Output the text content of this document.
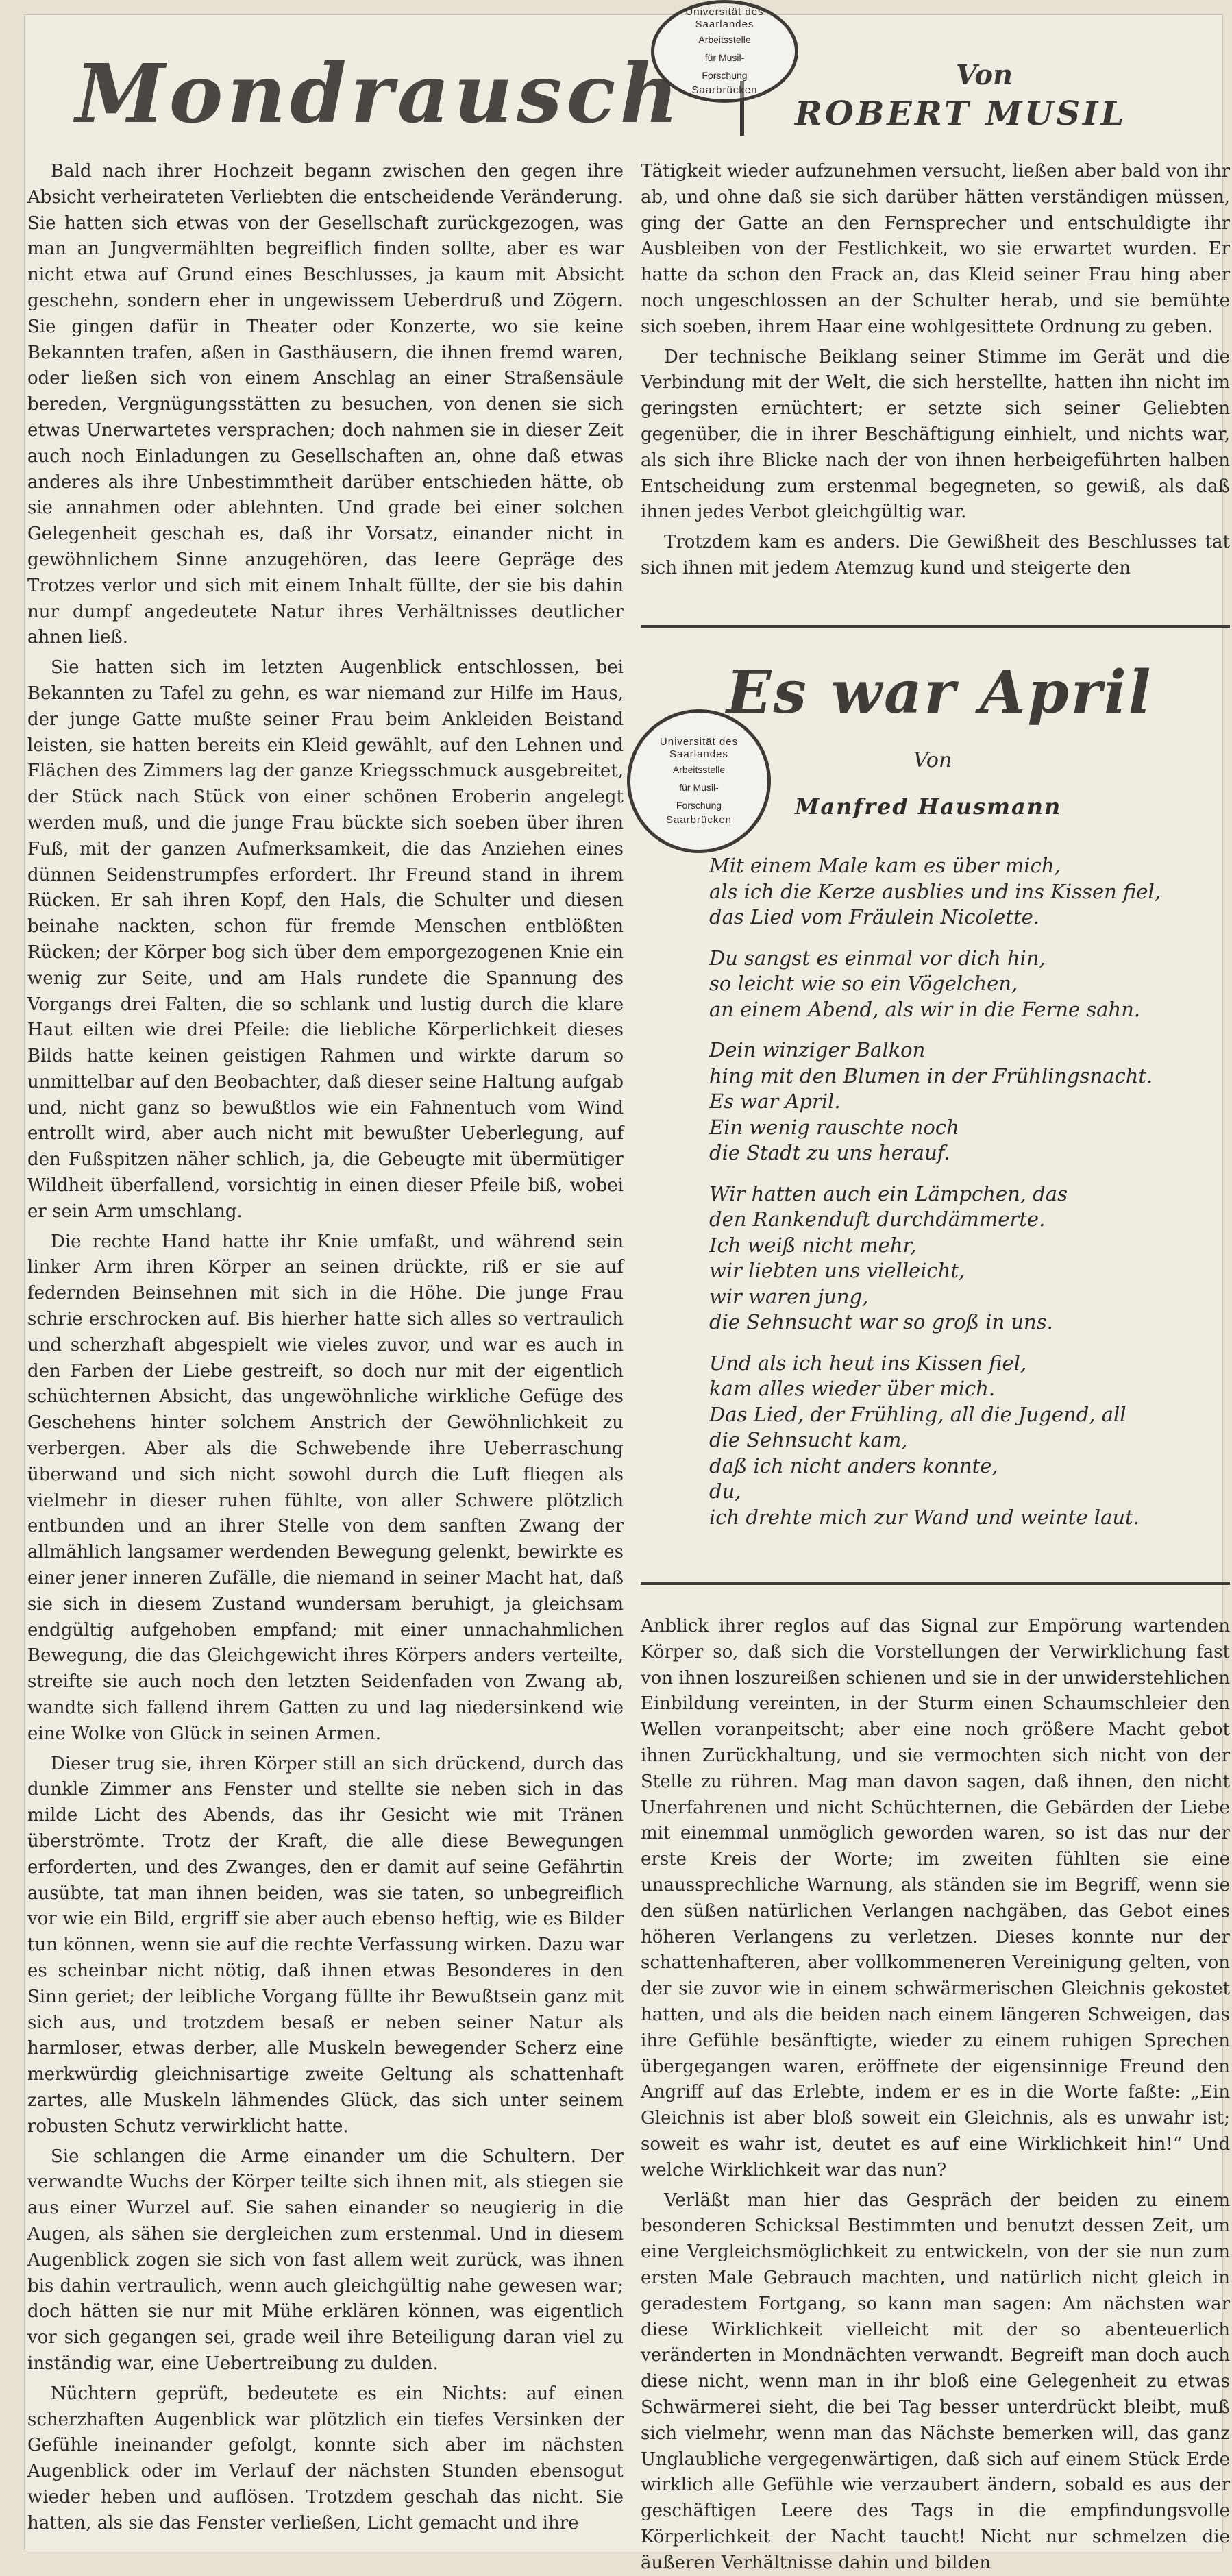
Mondrausch	Von
ROBERT MUSIL
Universität des Saarlandes
Arbeitsstelle
für Musil-
Forschung
Saarbrücken
Universität des Saarlandes
Arbeitsstelle
für Musil-
Forschung
Saarbrücken

Bald nach ihrer Hochzeit begann zwischen den gegen ihre Absicht verheirateten Verliebten die entscheidende Veränderung. Sie hatten sich etwas von der Gesellschaft zurückgezogen, was man an Jungvermählten begreiflich finden sollte, aber es war nicht etwa auf Grund eines Beschlusses, ja kaum mit Absicht geschehn, sondern eher in ungewissem Ueberdruß und Zögern. Sie gingen dafür in Theater oder Konzerte, wo sie keine Bekannten trafen, aßen in Gasthäusern, die ihnen fremd waren, oder ließen sich von einem Anschlag an einer Straßensäule bereden, Vergnügungsstätten zu besuchen, von denen sie sich etwas Unerwartetes versprachen; doch nahmen sie in dieser Zeit auch noch Einladungen zu Gesellschaften an, ohne daß etwas anderes als ihre Unbestimmtheit darüber entschieden hätte, ob sie annahmen oder ablehnten. Und grade bei einer solchen Gelegenheit geschah es, daß ihr Vorsatz, einander nicht in gewöhnlichem Sinne anzugehören, das leere Gepräge des Trotzes verlor und sich mit einem Inhalt füllte, der sie bis dahin nur dumpf angedeutete Natur ihres Verhältnisses deutlicher ahnen ließ.

Sie hatten sich im letzten Augenblick entschlossen, bei Bekannten zu Tafel zu gehn, es war niemand zur Hilfe im Haus, der junge Gatte mußte seiner Frau beim Ankleiden Beistand leisten, sie hatten bereits ein Kleid gewählt, auf den Lehnen und Flächen des Zimmers lag der ganze Kriegsschmuck ausgebreitet, der Stück nach Stück von einer schönen Eroberin angelegt werden muß, und die junge Frau bückte sich soeben über ihren Fuß, mit der ganzen Aufmerksamkeit, die das Anziehen eines dünnen Seidenstrumpfes erfordert. Ihr Freund stand in ihrem Rücken. Er sah ihren Kopf, den Hals, die Schulter und diesen beinahe nackten, schon für fremde Menschen entblößten Rücken; der Körper bog sich über dem emporgezogenen Knie ein wenig zur Seite, und am Hals rundete die Spannung des Vorgangs drei Falten, die so schlank und lustig durch die klare Haut eilten wie drei Pfeile: die liebliche Körperlichkeit dieses Bilds hatte keinen geistigen Rahmen und wirkte darum so unmittelbar auf den Beobachter, daß dieser seine Haltung aufgab und, nicht ganz so bewußtlos wie ein Fahnentuch vom Wind entrollt wird, aber auch nicht mit bewußter Ueberlegung, auf den Fußspitzen näher schlich, ja, die Gebeugte mit übermütiger Wildheit überfallend, vorsichtig in einen dieser Pfeile biß, wobei er sein Arm umschlang.

Die rechte Hand hatte ihr Knie umfaßt, und während sein linker Arm ihren Körper an seinen drückte, riß er sie auf federnden Beinsehnen mit sich in die Höhe. Die junge Frau schrie erschrocken auf. Bis hierher hatte sich alles so vertraulich und scherzhaft abgespielt wie vieles zuvor, und war es auch in den Farben der Liebe gestreift, so doch nur mit der eigentlich schüchternen Absicht, das ungewöhnliche wirkliche Gefüge des Geschehens hinter solchem Anstrich der Gewöhnlichkeit zu verbergen. Aber als die Schwebende ihre Ueberraschung überwand und sich nicht sowohl durch die Luft fliegen als vielmehr in dieser ruhen fühlte, von aller Schwere plötzlich entbunden und an ihrer Stelle von dem sanften Zwang der allmählich langsamer werdenden Bewegung gelenkt, bewirkte es einer jener inneren Zufälle, die niemand in seiner Macht hat, daß sie sich in diesem Zustand wundersam beruhigt, ja gleichsam endgültig aufgehoben empfand; mit einer unnachahmlichen Bewegung, die das Gleichgewicht ihres Körpers anders verteilte, streifte sie auch noch den letzten Seidenfaden von Zwang ab, wandte sich fallend ihrem Gatten zu und lag niedersinkend wie eine Wolke von Glück in seinen Armen.

Dieser trug sie, ihren Körper still an sich drückend, durch das dunkle Zimmer ans Fenster und stellte sie neben sich in das milde Licht des Abends, das ihr Gesicht wie mit Tränen überströmte. Trotz der Kraft, die alle diese Bewegungen erforderten, und des Zwanges, den er damit auf seine Gefährtin ausübte, tat man ihnen beiden, was sie taten, so unbegreiflich vor wie ein Bild, ergriff sie aber auch ebenso heftig, wie es Bilder tun können, wenn sie auf die rechte Verfassung wirken. Dazu war es scheinbar nicht nötig, daß ihnen etwas Besonderes in den Sinn geriet; der leibliche Vorgang füllte ihr Bewußtsein ganz mit sich aus, und trotzdem besaß er neben seiner Natur als harmloser, etwas derber, alle Muskeln bewegender Scherz eine merkwürdig gleichnisartige zweite Geltung als schattenhaft zartes, alle Muskeln lähmendes Glück, das sich unter seinem robusten Schutz verwirklicht hatte.

Sie schlangen die Arme einander um die Schultern. Der verwandte Wuchs der Körper teilte sich ihnen mit, als stiegen sie aus einer Wurzel auf. Sie sahen einander so neugierig in die Augen, als sähen sie dergleichen zum erstenmal. Und in diesem Augenblick zogen sie sich von fast allem weit zurück, was ihnen bis dahin vertraulich, wenn auch gleichgültig nahe gewesen war; doch hätten sie nur mit Mühe erklären können, was eigentlich vor sich gegangen sei, grade weil ihre Beteiligung daran viel zu inständig war, eine Uebertreibung zu dulden.

Nüchtern geprüft, bedeutete es ein Nichts: auf einen scherzhaften Augenblick war plötzlich ein tiefes Versinken der Gefühle ineinander gefolgt, konnte sich aber im nächsten Augenblick oder im Verlauf der nächsten Stunden ebensogut wieder heben und auflösen. Trotzdem geschah das nicht. Sie hatten, als sie das Fenster verließen, Licht gemacht und ihre

Tätigkeit wieder aufzunehmen versucht, ließen aber bald von ihr ab, und ohne daß sie sich darüber hätten verständigen müssen, ging der Gatte an den Fernsprecher und entschuldigte ihr Ausbleiben von der Festlichkeit, wo sie erwartet wurden. Er hatte da schon den Frack an, das Kleid seiner Frau hing aber noch ungeschlossen an der Schulter herab, und sie bemühte sich soeben, ihrem Haar eine wohlgesittete Ordnung zu geben.

Der technische Beiklang seiner Stimme im Gerät und die Verbindung mit der Welt, die sich herstellte, hatten ihn nicht im geringsten ernüchtert; er setzte sich seiner Geliebten gegenüber, die in ihrer Beschäftigung einhielt, und nichts war, als sich ihre Blicke nach der von ihnen herbeigeführten halben Entscheidung zum erstenmal begegneten, so gewiß, als daß ihnen jedes Verbot gleichgültig war.

Trotzdem kam es anders. Die Gewißheit des Beschlusses tat sich ihnen mit jedem Atemzug kund und steigerte den

Es war April
Von
Manfred Hausmann
Mit einem Male kam es über mich,
als ich die Kerze ausblies und ins Kissen fiel,
das Lied vom Fräulein Nicolette.
Du sangst es einmal vor dich hin,
so leicht wie so ein Vögelchen,
an einem Abend, als wir in die Ferne sahn.
Dein winziger Balkon
hing mit den Blumen in der Frühlingsnacht.
Es war April.
Ein wenig rauschte noch
die Stadt zu uns herauf.
Wir hatten auch ein Lämpchen, das
den Rankenduft durchdämmerte.
Ich weiß nicht mehr,
wir liebten uns vielleicht,
wir waren jung,
die Sehnsucht war so groß in uns.
Und als ich heut ins Kissen fiel,
kam alles wieder über mich.
Das Lied, der Frühling, all die Jugend, all
die Sehnsucht kam,
daß ich nicht anders konnte,
du,
ich drehte mich zur Wand und weinte laut.

Anblick ihrer reglos auf das Signal zur Empörung wartenden Körper so, daß sich die Vorstellungen der Verwirklichung fast von ihnen loszureißen schienen und sie in der unwiderstehlichen Einbildung vereinten, in der Sturm einen Schaumschleier den Wellen voranpeitscht; aber eine noch größere Macht gebot ihnen Zurückhaltung, und sie vermochten sich nicht von der Stelle zu rühren. Mag man davon sagen, daß ihnen, den nicht Unerfahrenen und nicht Schüchternen, die Gebärden der Liebe mit einemmal unmöglich geworden waren, so ist das nur der erste Kreis der Worte; im zweiten fühlten sie eine unaussprechliche Warnung, als ständen sie im Begriff, wenn sie den süßen natürlichen Verlangen nachgäben, das Gebot eines höheren Verlangens zu verletzen. Dieses konnte nur der schattenhafteren, aber vollkommeneren Vereinigung gelten, von der sie zuvor wie in einem schwärmerischen Gleichnis gekostet hatten, und als die beiden nach einem längeren Schweigen, das ihre Gefühle besänftigte, wieder zu einem ruhigen Sprechen übergegangen waren, eröffnete der eigensinnige Freund den Angriff auf das Erlebte, indem er es in die Worte faßte: „Ein Gleichnis ist aber bloß soweit ein Gleichnis, als es unwahr ist; soweit es wahr ist, deutet es auf eine Wirklichkeit hin!“ Und welche Wirklichkeit war das nun?

Verläßt man hier das Gespräch der beiden zu einem besonderen Schicksal Bestimmten und benutzt dessen Zeit, um eine Vergleichsmöglichkeit zu entwickeln, von der sie nun zum ersten Male Gebrauch machten, und natürlich nicht gleich in geradestem Fortgang, so kann man sagen: Am nächsten war diese Wirklichkeit vielleicht mit der so abenteuerlich veränderten in Mondnächten verwandt. Begreift man doch auch diese nicht, wenn man in ihr bloß eine Gelegenheit zu etwas Schwärmerei sieht, die bei Tag besser unterdrückt bleibt, muß sich vielmehr, wenn man das Nächste bemerken will, das ganz Unglaubliche vergegenwärtigen, daß sich auf einem Stück Erde wirklich alle Gefühle wie verzaubert ändern, sobald es aus der geschäftigen Leere des Tags in die empfindungsvolle Körperlichkeit der Nacht taucht! Nicht nur schmelzen die äußeren Verhältnisse dahin und bilden
